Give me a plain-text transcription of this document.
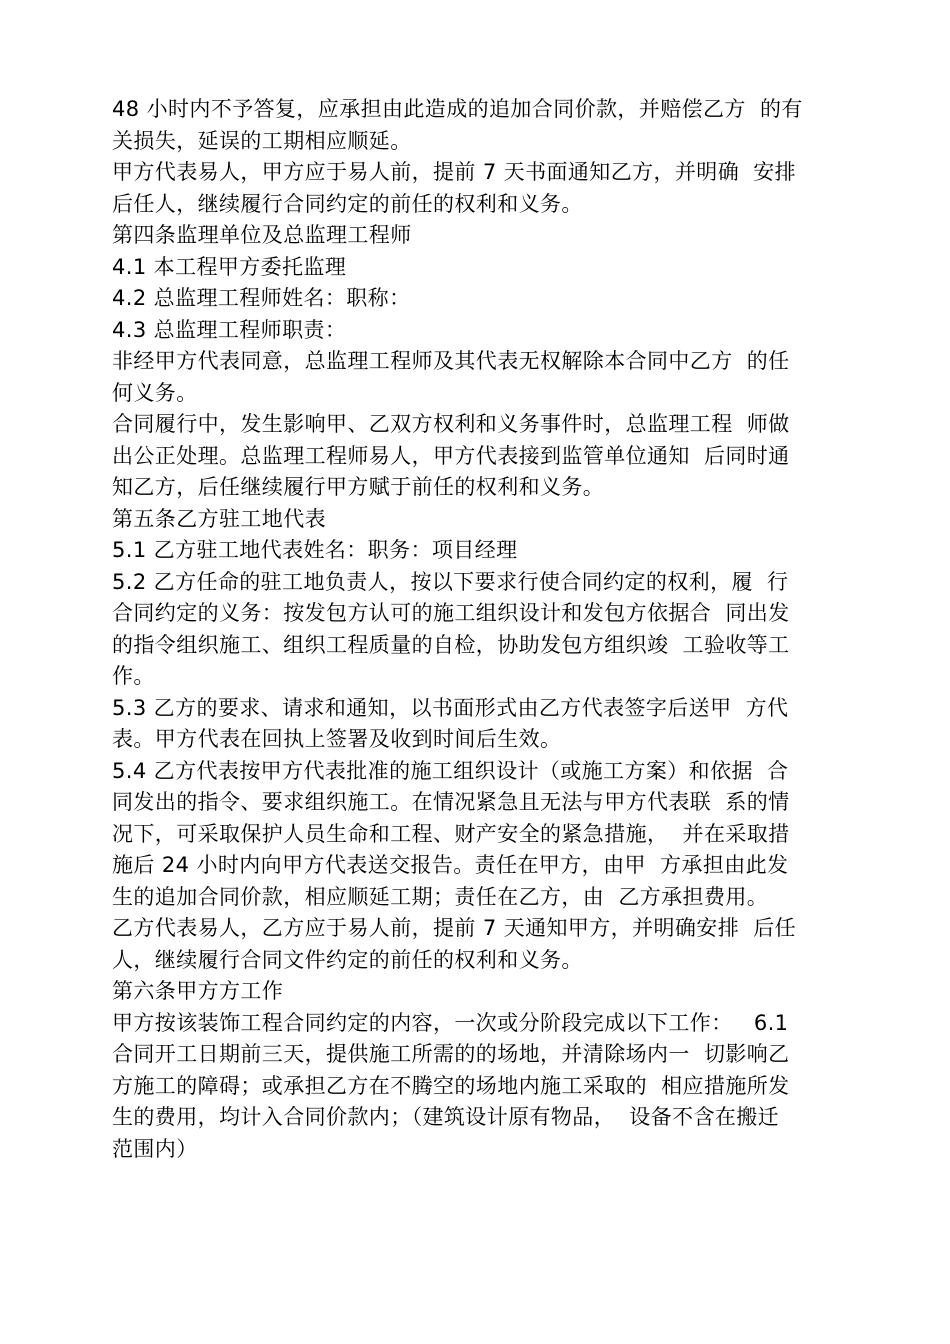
48 小时内不予答复，应承担由此造成的追加合同价款，并赔偿乙方  的有
关损失，延误的工期相应顺延。
甲方代表易人，甲方应于易人前，提前 7 天书面通知乙方，并明确  安排
后任人，继续履行合同约定的前任的权利和义务。
第四条监理单位及总监理工程师
4.1 本工程甲方委托监理
4.2 总监理工程师姓名：职称：
4.3 总监理工程师职责：
非经甲方代表同意，总监理工程师及其代表无权解除本合同中乙方  的任
何义务。
合同履行中，发生影响甲、乙双方权利和义务事件时，总监理工程  师做
出公正处理。总监理工程师易人，甲方代表接到监管单位通知  后同时通
知乙方，后任继续履行甲方赋于前任的权利和义务。
第五条乙方驻工地代表
5.1 乙方驻工地代表姓名：职务：项目经理
5.2 乙方任命的驻工地负责人，按以下要求行使合同约定的权利，履  行
合同约定的义务：按发包方认可的施工组织设计和发包方依据合  同出发
的指令组织施工、组织工程质量的自检，协助发包方组织竣  工验收等工
作。
5.3 乙方的要求、请求和通知，以书面形式由乙方代表签字后送甲  方代
表。甲方代表在回执上签署及收到时间后生效。
5.4 乙方代表按甲方代表批准的施工组织设计（或施工方案）和依据  合
同发出的指令、要求组织施工。在情况紧急且无法与甲方代表联  系的情
况下，可采取保护人员生命和工程、财产安全的紧急措施，  并在采取措
施后 24 小时内向甲方代表送交报告。责任在甲方，由甲  方承担由此发
生的追加合同价款，相应顺延工期；责任在乙方，由  乙方承担费用。
乙方代表易人，乙方应于易人前，提前 7 天通知甲方，并明确安排  后任
人，继续履行合同文件约定的前任的权利和义务。
第六条甲方方工作
甲方按该装饰工程合同约定的内容，一次或分阶段完成以下工作：   6.1
合同开工日期前三天，提供施工所需的的场地，并清除场内一  切影响乙
方施工的障碍；或承担乙方在不腾空的场地内施工采取的  相应措施所发
生的费用，均计入合同价款内；（建筑设计原有物品，  设备不含在搬迁
范围内）
